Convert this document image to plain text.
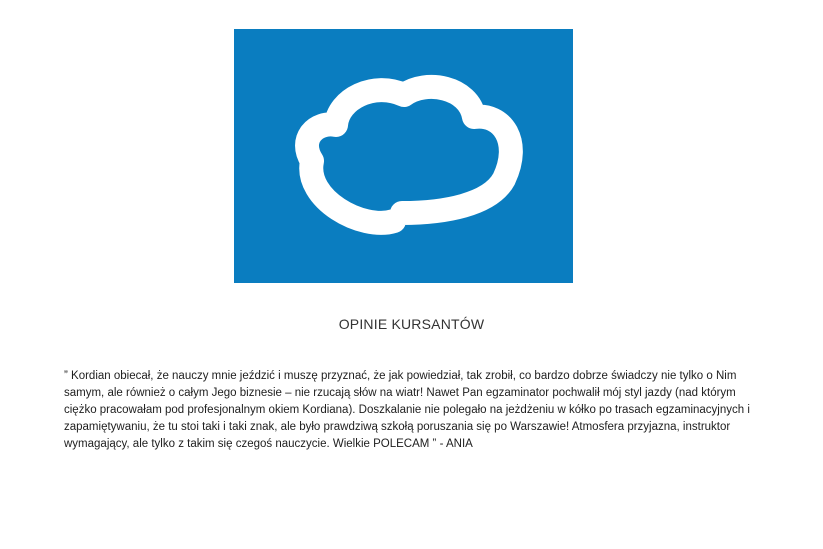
OPINIE KURSANTÓW
” Kordian obiecał, że nauczy mnie jeździć i muszę przyznać, że jak powiedział, tak zrobił, co bardzo dobrze świadczy nie tylko o Nim samym, ale również o całym Jego biznesie – nie rzucają słów na wiatr! Nawet Pan egzaminator pochwalił mój styl jazdy (nad którym ciężko pracowałam pod profesjonalnym okiem Kordiana). Doszkalanie nie polegało na jeżdżeniu w kółko po trasach egzaminacyjnych i zapamiętywaniu, że tu stoi taki i taki znak, ale było prawdziwą szkołą poruszania się po Warszawie! Atmosfera przyjazna, instruktor wymagający, ale tylko z takim się czegoś nauczycie. Wielkie POLECAM ” - ANIA
